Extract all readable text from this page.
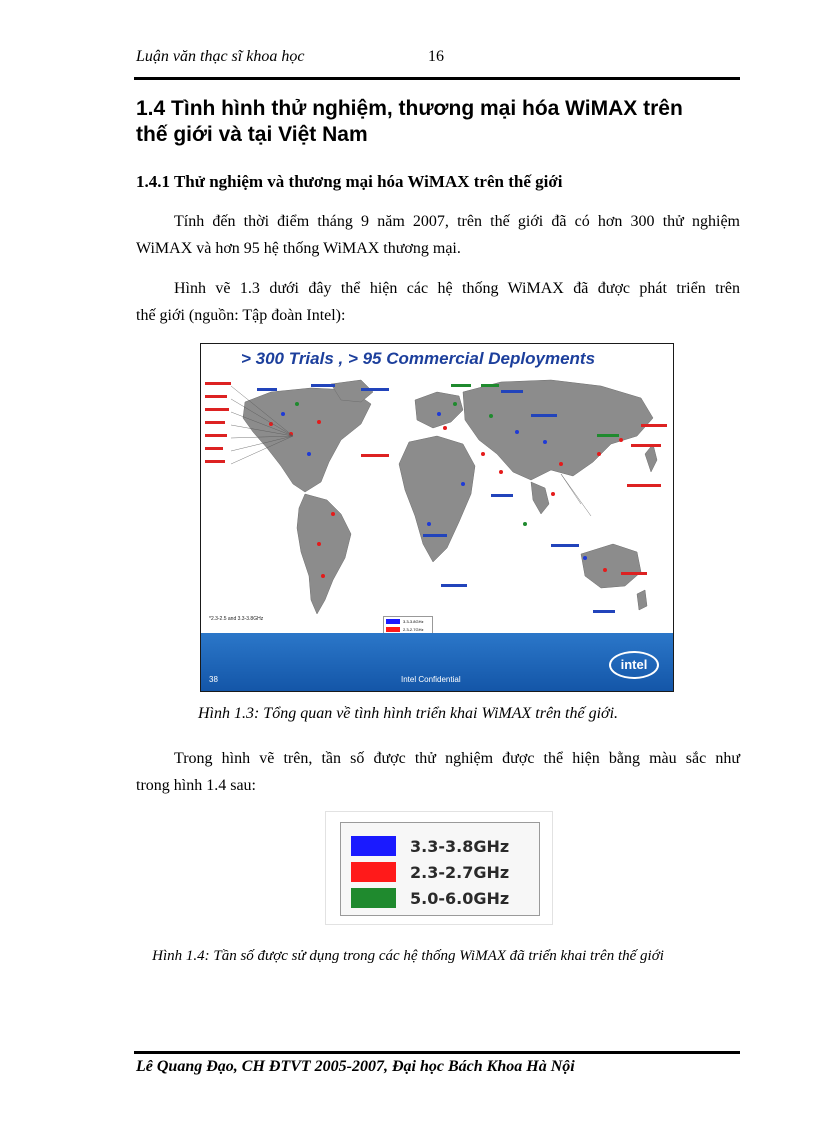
Luận văn thạc sĩ khoa học	16
1.4 Tình hình thử nghiệm, thương mại hóa WiMAX trên
thế giới và tại Việt Nam
1.4.1 Thử nghiệm và thương mại hóa WiMAX trên thế giới
Tính đến thời điểm tháng 9 năm 2007, trên thế giới đã có hơn 300 thử nghiệm
WiMAX và hơn 95 hệ thống WiMAX thương mại.
Hình vẽ 1.3 dưới đây thể hiện các hệ thống WiMAX đã được phát triển trên
thế giới (nguồn: Tập đoàn Intel):
> 300 Trials , > 95 Commercial Deployments
*2.3-2.5 and 3.3-3.8GHz	3.3-3.8GHz
2.3-2.7GHz
38	Intel Confidential
intel
Hình 1.3: Tổng quan về tình hình triển khai WiMAX trên thế giới.
Trong hình vẽ trên, tần số được thử nghiệm được thể hiện bằng màu sắc như
trong hình 1.4 sau:
3.3-3.8GHz
2.3-2.7GHz
5.0-6.0GHz
Hình 1.4: Tần số được sử dụng trong các hệ thống WiMAX đã triển khai trên thế giới
Lê Quang Đạo, CH ĐTVT 2005-2007, Đại học Bách Khoa Hà Nội
